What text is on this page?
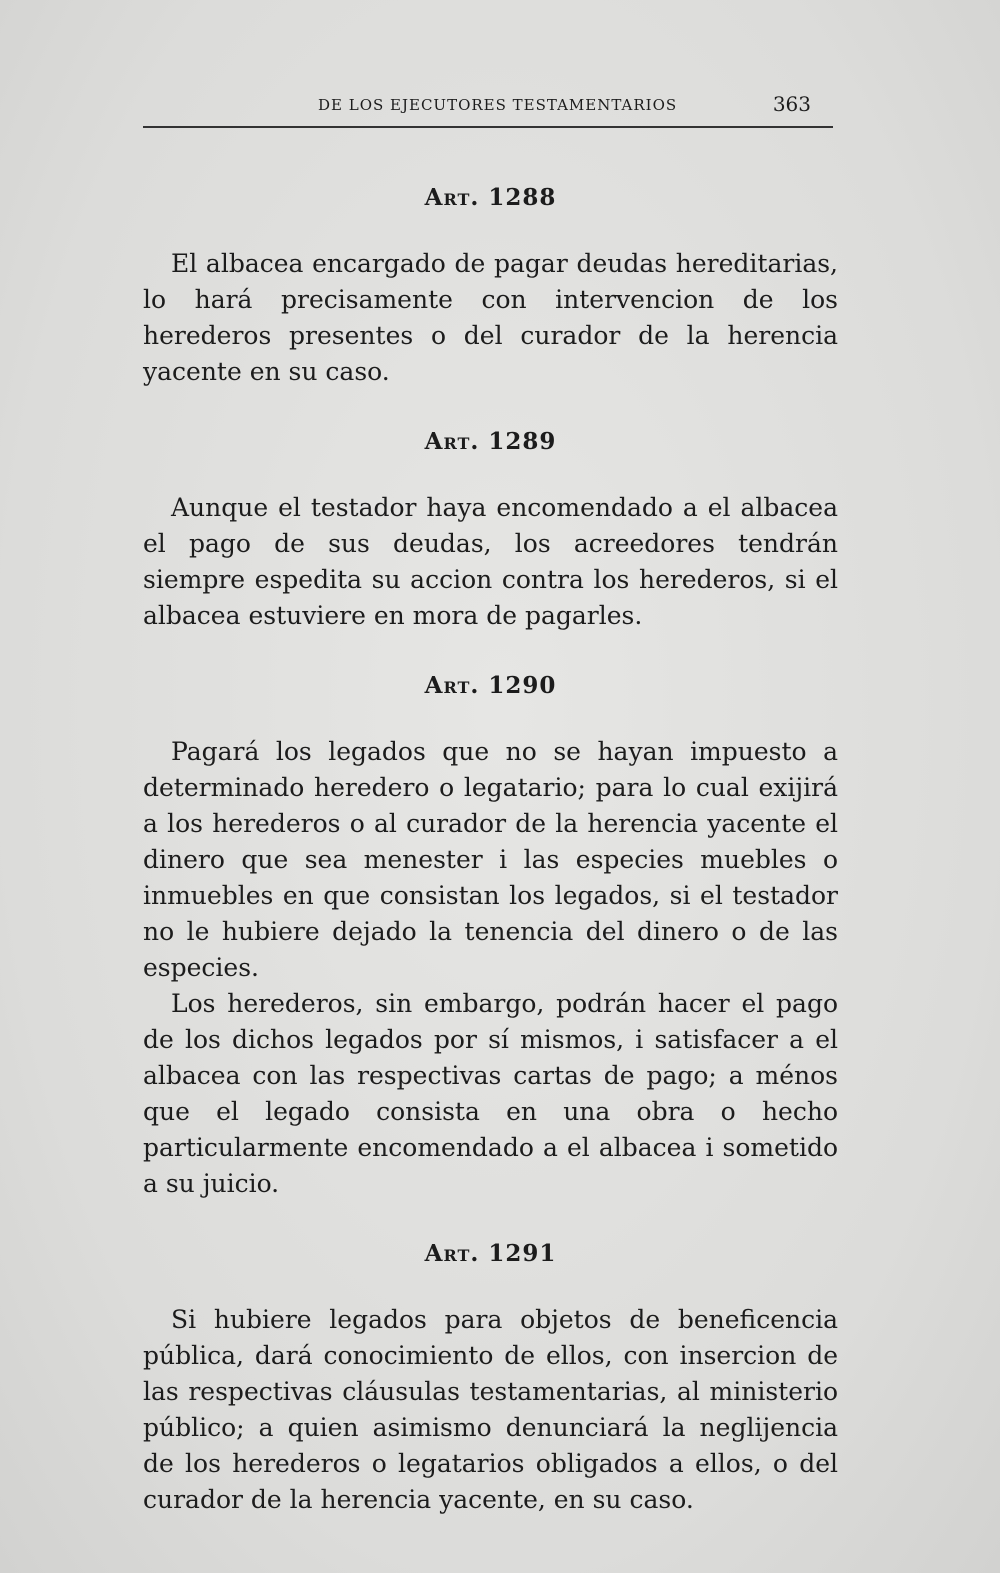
DE LOS EJECUTORES TESTAMENTARIOS	363
Art. 1288

El albacea encargado de pagar deudas hereditarias, lo hará precisamente con intervencion de los herederos presentes o del curador de la herencia yacente en su caso.

Art. 1289

Aunque el testador haya encomendado a el albacea el pago de sus deudas, los acreedores tendrán siempre espedita su accion contra los herederos, si el albacea estuviere en mora de pagarles.

Art. 1290

Pagará los legados que no se hayan impuesto a determinado heredero o legatario; para lo cual exijirá a los herederos o al curador de la herencia yacente el dinero que sea menester i las especies muebles o inmuebles en que consistan los legados, si el testador no le hubiere dejado la tenencia del dinero o de las especies.

Los herederos, sin embargo, podrán hacer el pago de los dichos legados por sí mismos, i satisfacer a el albacea con las respectivas cartas de pago; a ménos que el legado consista en una obra o hecho particularmente encomendado a el albacea i sometido a su juicio.

Art. 1291

Si hubiere legados para objetos de beneficencia pública, dará conocimiento de ellos, con insercion de las respectivas cláusulas testamentarias, al ministerio público; a quien asimismo denunciará la neglijencia de los herederos o legatarios obligados a ellos, o del curador de la herencia yacente, en su caso.
